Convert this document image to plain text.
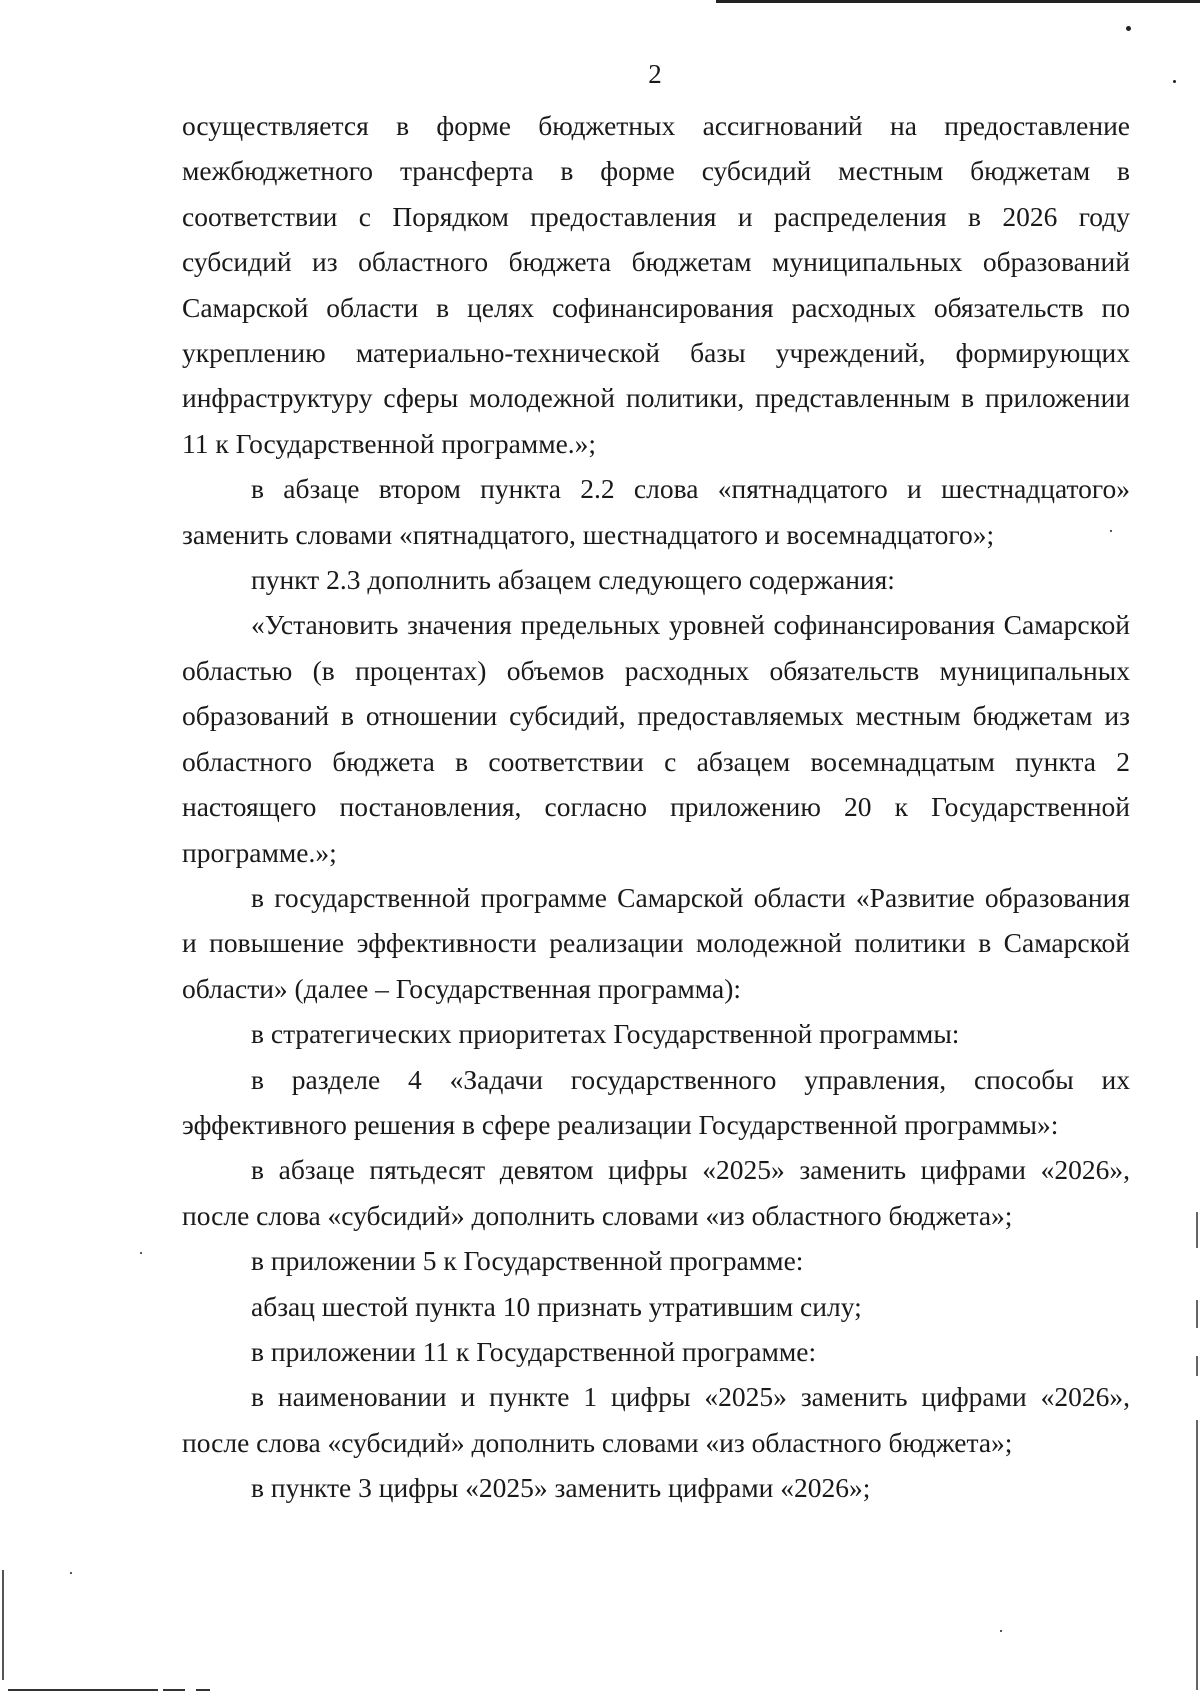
2

осуществляется в форме бюджетных ассигнований на предоставление межбюджетного трансферта в форме субсидий местным бюджетам в соответствии с Порядком предоставления и распределения в 2026 году субсидий из областного бюджета бюджетам муниципальных образований Самарской области в целях софинансирования расходных обязательств по укреплению материально-технической базы учреждений, формирующих инфраструктуру сферы молодежной политики, представленным в приложении 11 к Государственной программе.»;

в абзаце втором пункта 2.2 слова «пятнадцатого и шестнадцатого» заменить словами «пятнадцатого, шестнадцатого и восемнадцатого»;

пункт 2.3 дополнить абзацем следующего содержания:

«Установить значения предельных уровней софинансирования Самарской областью (в процентах) объемов расходных обязательств муниципальных образований в отношении субсидий, предоставляемых местным бюджетам из областного бюджета в соответствии с абзацем восемнадцатым пункта 2 настоящего постановления, согласно приложению 20 к Государственной программе.»;

в государственной программе Самарской области «Развитие образования и повышение эффективности реализации молодежной политики в Самарской области» (далее – Государственная программа):

в стратегических приоритетах Государственной программы:

в разделе 4 «Задачи государственного управления, способы их эффективного решения в сфере реализации Государственной программы»:

в абзаце пятьдесят девятом цифры «2025» заменить цифрами «2026», после слова «субсидий» дополнить словами «из областного бюджета»;

в приложении 5 к Государственной программе:

абзац шестой пункта 10 признать утратившим силу;

в приложении 11 к Государственной программе:

в наименовании и пункте 1 цифры «2025» заменить цифрами «2026», после слова «субсидий» дополнить словами «из областного бюджета»;

в пункте 3 цифры «2025» заменить цифрами «2026»;
